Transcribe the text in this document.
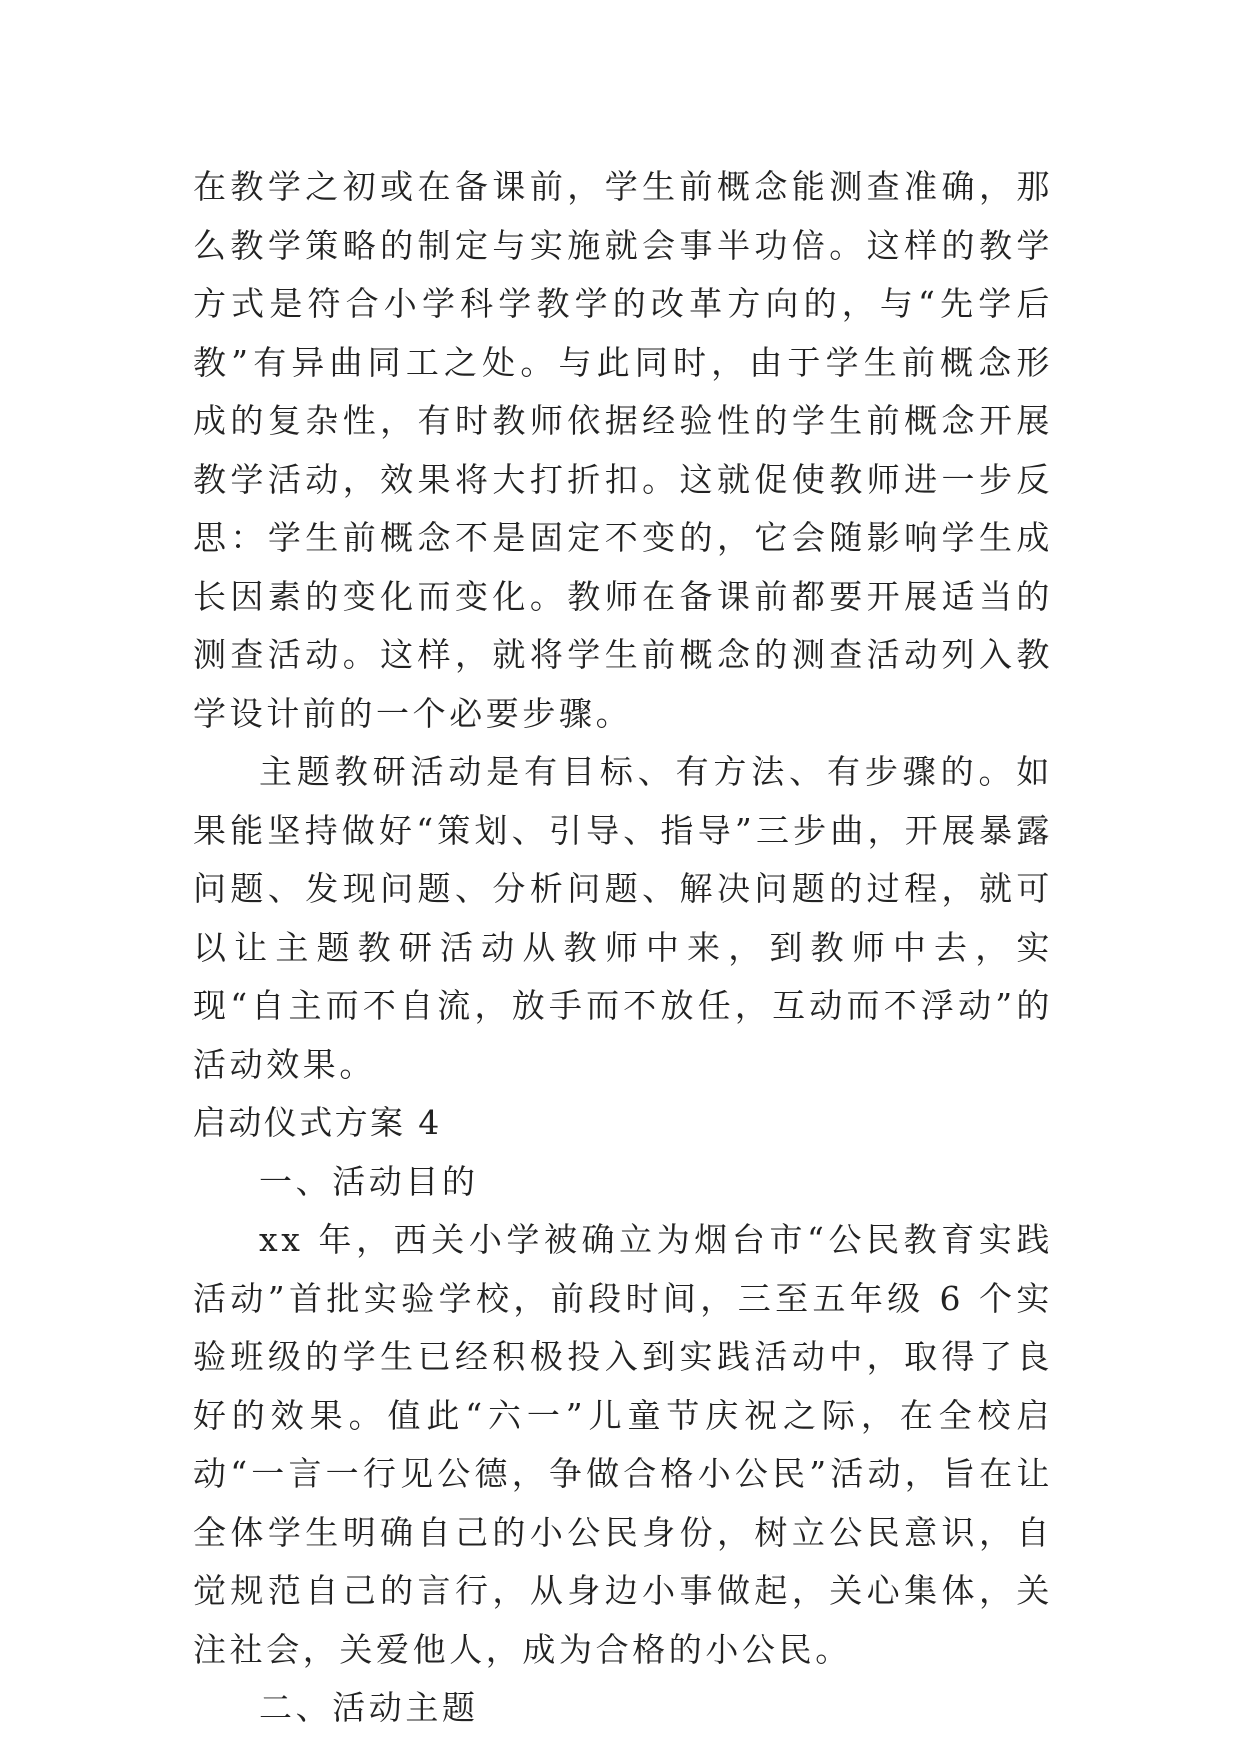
在教学之初或在备课前，学生前概念能测查准确，那么教学策略的制定与实施就会事半功倍。这样的教学方式是符合小学科学教学的改革方向的，与“先学后教”有异曲同工之处。与此同时，由于学生前概念形成的复杂性，有时教师依据经验性的学生前概念开展教学活动，效果将大打折扣。这就促使教师进一步反思：学生前概念不是固定不变的，它会随影响学生成长因素的变化而变化。教师在备课前都要开展适当的测查活动。这样，就将学生前概念的测查活动列入教学设计前的一个必要步骤。

主题教研活动是有目标、有方法、有步骤的。如果能坚持做好“策划、引导、指导”三步曲，开展暴露问题、发现问题、分析问题、解决问题的过程，就可以让主题教研活动从教师中来，到教师中去，实现“自主而不自流，放手而不放任，互动而不浮动”的活动效果。

启动仪式方案 4

一、活动目的

xx 年，西关小学被确立为烟台市“公民教育实践活动”首批实验学校，前段时间，三至五年级 6 个实验班级的学生已经积极投入到实践活动中，取得了良好的效果。值此“六一”儿童节庆祝之际，在全校启动“一言一行见公德，争做合格小公民”活动，旨在让全体学生明确自己的小公民身份，树立公民意识，自觉规范自己的言行，从身边小事做起，关心集体，关注社会，关爱他人，成为合格的小公民。

二、活动主题
